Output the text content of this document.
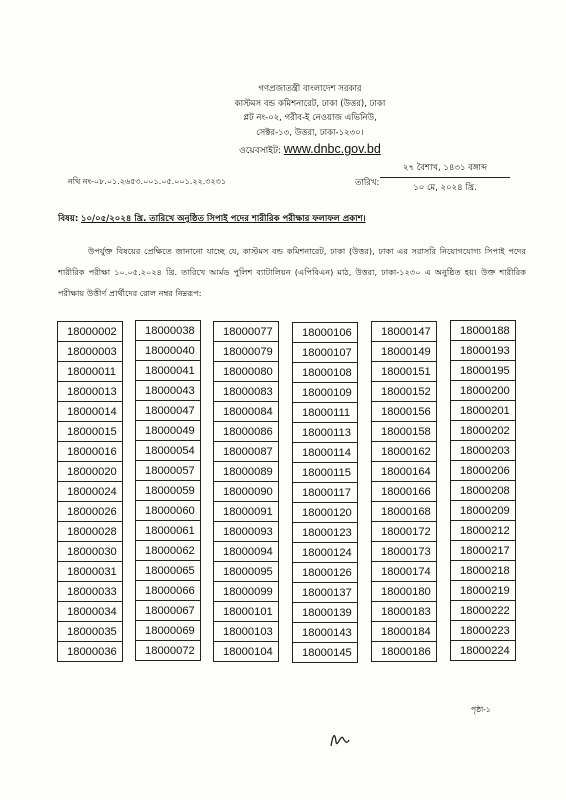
গণপ্রজাতন্ত্রী বাংলাদেশ সরকার
কাস্টমস বন্ড কমিশনারেট, ঢাকা (উত্তর), ঢাকা
প্লট নং-০২, গরীব-ই নেওয়াজ এভিনিউ,
সেক্টর-১৩, উত্তরা, ঢাকা-১২৩০।
ওয়েবসাইট: www.dnbc.gov.bd
নথি নং-০৮.০১.২৬৫৩.০০১.০৫.০০১.২২.৩২৩১	তারিখ:
২৭ বৈশাখ, ১৪৩১ বঙ্গাব্দ
১০ মে, ২০২৪ খ্রি.
বিষয়: ১০/০৫/২০২৪ খ্রি. তারিখে অনুষ্ঠিত সিপাই পদের শারীরিক পরীক্ষার ফলাফল প্রকাশ।
উপর্যুক্ত বিষয়ের প্রেক্ষিতে জানানো যাচ্ছে যে, কাস্টমস বন্ড কমিশনারেট, ঢাকা (উত্তর), ঢাকা এর সরাসরি নিয়োগযোগ্য সিপাই পদের শারীরিক পরীক্ষা ১০.০৫.২০২৪ খ্রি. তারিখে আর্মড পুলিশ ব্যাটালিয়ন (এপিবিএন) মাঠ, উত্তরা, ঢাকা-১২৩০ এ অনুষ্ঠিত হয়। উক্ত শারীরিক পরীক্ষায় উত্তীর্ণ প্রার্থীদের রোল নম্বর নিম্নরূপ:
18000002
18000003
18000011
18000013
18000014
18000015
18000016
18000020
18000024
18000026
18000028
18000030
18000031
18000033
18000034
18000035
18000036
18000038
18000040
18000041
18000043
18000047
18000049
18000054
18000057
18000059
18000060
18000061
18000062
18000065
18000066
18000067
18000069
18000072
18000077
18000079
18000080
18000083
18000084
18000086
18000087
18000089
18000090
18000091
18000093
18000094
18000095
18000099
18000101
18000103
18000104
18000106
18000107
18000108
18000109
18000111
18000113
18000114
18000115
18000117
18000120
18000123
18000124
18000126
18000137
18000139
18000143
18000145
18000147
18000149
18000151
18000152
18000156
18000158
18000162
18000164
18000166
18000168
18000172
18000173
18000174
18000180
18000183
18000184
18000186
18000188
18000193
18000195
18000200
18000201
18000202
18000203
18000206
18000208
18000209
18000212
18000217
18000218
18000219
18000222
18000223
18000224
পৃষ্ঠা-১
